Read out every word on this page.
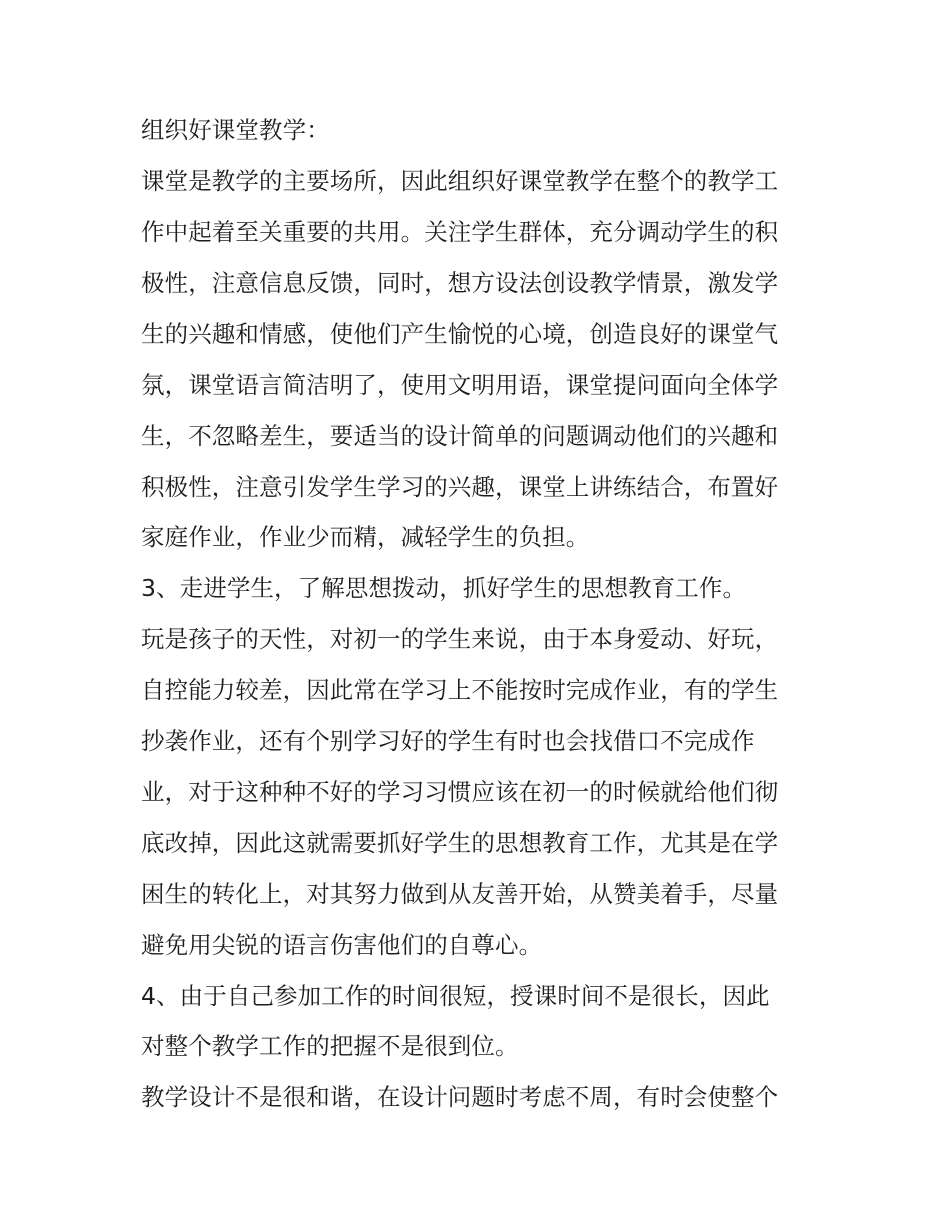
组织好课堂教学：
课堂是教学的主要场所，因此组织好课堂教学在整个的教学工
作中起着至关重要的共用。关注学生群体，充分调动学生的积
极性，注意信息反馈，同时，想方设法创设教学情景，激发学
生的兴趣和情感，使他们产生愉悦的心境，创造良好的课堂气
氛，课堂语言简洁明了，使用文明用语，课堂提问面向全体学
生，不忽略差生，要适当的设计简单的问题调动他们的兴趣和
积极性，注意引发学生学习的兴趣，课堂上讲练结合，布置好
家庭作业，作业少而精，减轻学生的负担。
3、走进学生，了解思想拨动，抓好学生的思想教育工作。
玩是孩子的天性，对初一的学生来说，由于本身爱动、好玩，
自控能力较差，因此常在学习上不能按时完成作业，有的学生
抄袭作业，还有个别学习好的学生有时也会找借口不完成作
业，对于这种种不好的学习习惯应该在初一的时候就给他们彻
底改掉，因此这就需要抓好学生的思想教育工作，尤其是在学
困生的转化上，对其努力做到从友善开始，从赞美着手，尽量
避免用尖锐的语言伤害他们的自尊心。
4、由于自己参加工作的时间很短，授课时间不是很长，因此
对整个教学工作的把握不是很到位。
教学设计不是很和谐，在设计问题时考虑不周，有时会使整个
